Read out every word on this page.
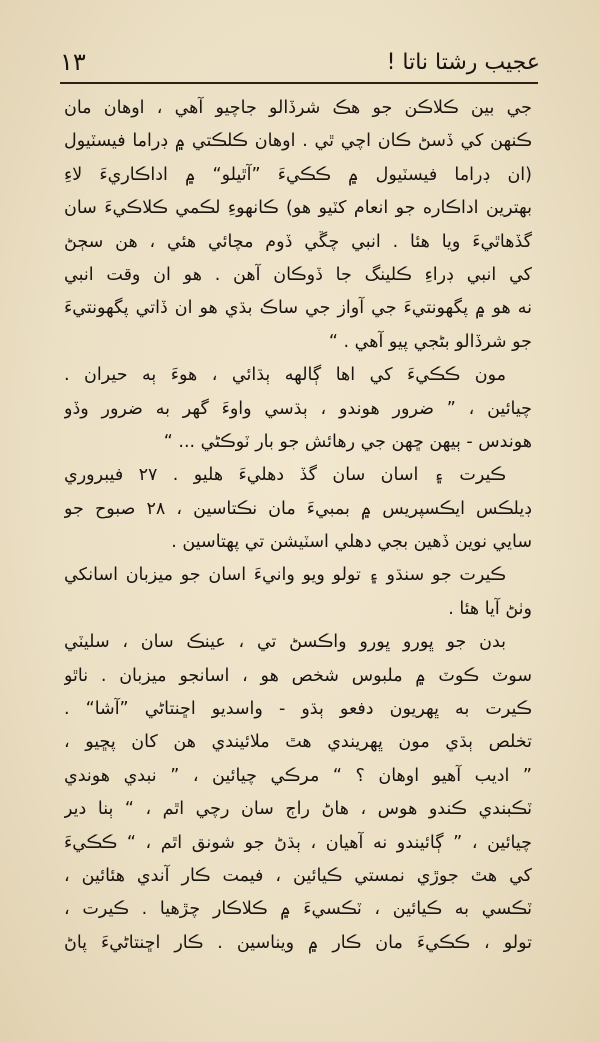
١٣	عجيب رشتا ناتا !
جي بين ڪلاڪن جو هڪ شرڏالو جاچيو آهي ، اوهان مان
ڪنهن کي ڏسڻ ڪان اچي ٿي . اوهان ڪلڪتي ۾ ڊراما فيسٽيول
(ان ڊراما فيسٽيول ۾ ڪڪيءَ ”آٿيلو“ ۾ اداڪاريءَ لاءِ
بهترين اداڪاره جو انعام کٽيو هو) ڪانهوءِ لڪمي ڪلاڪيءَ سان
گڏهاٿيءَ ويا هئا . انبي چڱي ڏوم مچائي هئي ، هن سڄڻ
کي انبي ڊراءِ ڪلينگ جا ڏوڪان آهن . هو ان وقت انبي
نه هو ۾ پگهونتيءَ جي آواز جي ساڪ بڌي هو ان ڏاتي پگهونتيءَ
جو شرڏالو بڻجي پيو آهي . “
مون ڪڪيءَ کي اها ڳالهه ٻڌائي ، هوءَ ٻه حيران .
چيائين ، ” ضرور هوندو ، ٻڌسي واوءَ گهر به ضرور وڏو
هوندس - ٻيهن ڇهن جي رهائش جو بار ٽوڪڻي ... “
ڪيرت ۽ اسان سان گڏ دهليءَ هليو . ٢٧ فيبروري
ڊيلڪس ايڪسپريس ۾ بمبيءَ مان نڪتاسين ، ٢٨ صبوح جو
سايي نوين ڏهين بجي دهلي اسٽيشن تي پهتاسين .
ڪيرت جو سنڌو ۽ تولو ويو وانيءَ اسان جو ميزبان اسانکي
وٺڻ آيا هئا .
بدن جو ڀورو ڀورو واڪسڻ تي ، عينڪ سان ، سليٽي
سوٽ ڪوٽ ۾ ملبوس شخص هو ، اسانجو ميزبان . ناٿو
ڪيرت به ڀهريون دفعو ٻڌو - واسديو اڇنتاڻي ”آشا“ .
تخلص ٻڌي مون ڀهريندي هٿ ملائيندي هن کان پڇيو ،
” اديب آهيو اوهان ؟ “ مرڪي چيائين ، ” نبدي هوندي
ٽڪبندي ڪندو هوس ، هاڻ راڄ سان رچي اٿم ، “ ٻنا دير
چيائين ، ” ڳائيندو نه آهيان ، ٻڌڻ جو شونق اٿم ، “ ڪڪيءَ
کي هٿ جوڙي نمستي ڪيائين ، فيمت ڪار آندي هئائين ،
ٽڪسي به ڪيائين ، ٽڪسيءَ ۾ ڪلاڪار چڙهيا . ڪيرت ،
تولو ، ڪڪيءَ مان ڪار ۾ ويناسين . ڪار اڇنتاڻيءَ پاڻ
